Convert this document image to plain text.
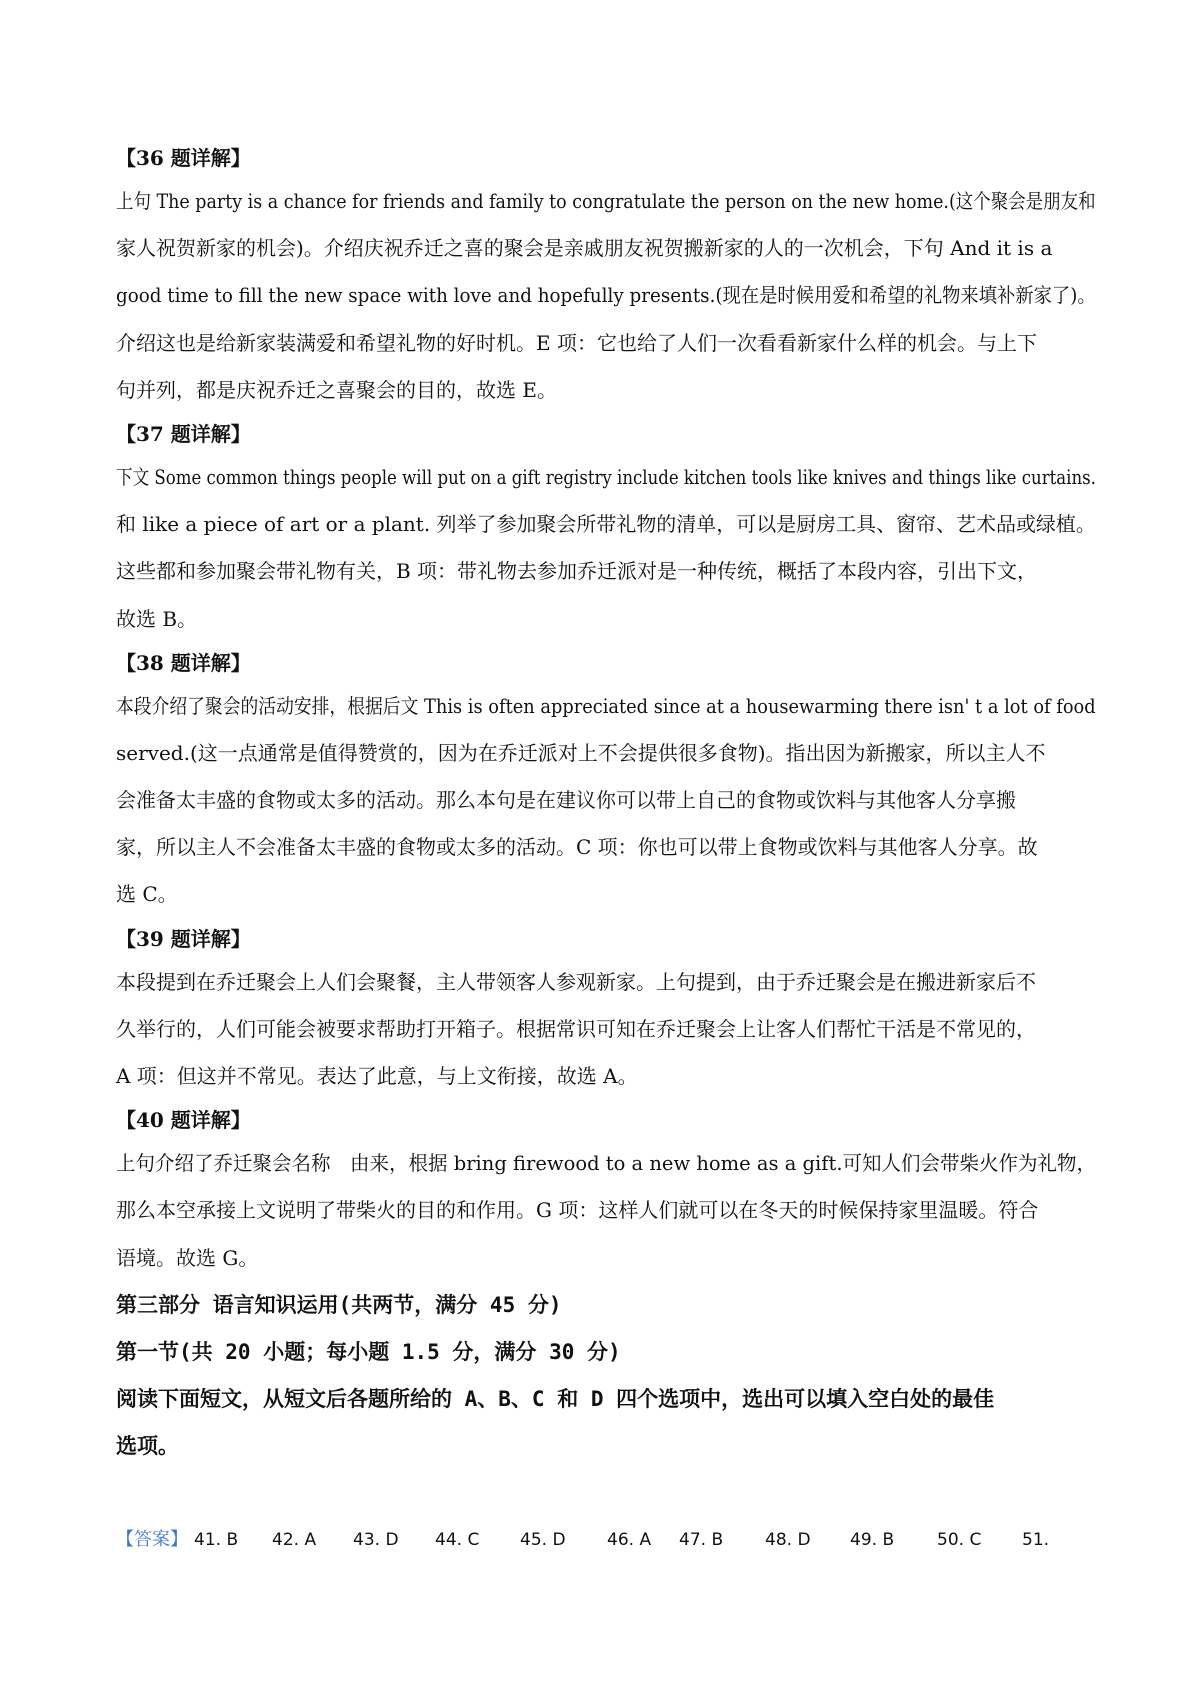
【36 题详解】

上句 The party is a chance for friends and family to congratulate the person on the new home.(这个聚会是朋友和
家人祝贺新家的机会)。介绍庆祝乔迁之喜的聚会是亲戚朋友祝贺搬新家的人的一次机会，下句 And it is a
good time to fill the new space with love and hopefully presents.(现在是时候用爱和希望的礼物来填补新家了)。
介绍这也是给新家装满爱和希望礼物的好时机。E 项：它也给了人们一次看看新家什么样的机会。与上下
句并列，都是庆祝乔迁之喜聚会的目的，故选 E。

【37 题详解】

下文 Some common things people will put on a gift registry include kitchen tools like knives and things like curtains.
和 like a piece of art or a plant. 列举了参加聚会所带礼物的清单，可以是厨房工具、窗帘、艺术品或绿植。
这些都和参加聚会带礼物有关，B 项：带礼物去参加乔迁派对是一种传统，概括了本段内容，引出下文，
故选 B。

【38 题详解】

本段介绍了聚会的活动安排，根据后文 This is often appreciated since at a housewarming there isn' t a lot of food
served.(这一点通常是值得赞赏的，因为在乔迁派对上不会提供很多食物)。指出因为新搬家，所以主人不
会准备太丰盛的食物或太多的活动。那么本句是在建议你可以带上自己的食物或饮料与其他客人分享搬
家，所以主人不会准备太丰盛的食物或太多的活动。C 项：你也可以带上食物或饮料与其他客人分享。故
选 C。

【39 题详解】

本段提到在乔迁聚会上人们会聚餐，主人带领客人参观新家。上句提到，由于乔迁聚会是在搬进新家后不
久举行的，人们可能会被要求帮助打开箱子。根据常识可知在乔迁聚会上让客人们帮忙干活是不常见的，
A 项：但这并不常见。表达了此意，与上文衔接，故选 A。

【40 题详解】

上句介绍了乔迁聚会名称　由来，根据 bring firewood to a new home as a gift.可知人们会带柴火作为礼物，
那么本空承接上文说明了带柴火的目的和作用。G 项：这样人们就可以在冬天的时候保持家里温暖。符合
语境。故选 G。

第三部分 语言知识运用(共两节，满分 45 分)
第一节(共 20 小题；每小题 1.5 分，满分 30 分)
阅读下面短文，从短文后各题所给的 A、B、C 和 D 四个选项中，选出可以填入空白处的最佳
选项。
【答案】 41. B	42. A	43. D	44. C	45. D	46. A	47. B	48. D	49. B	50. C	51.
